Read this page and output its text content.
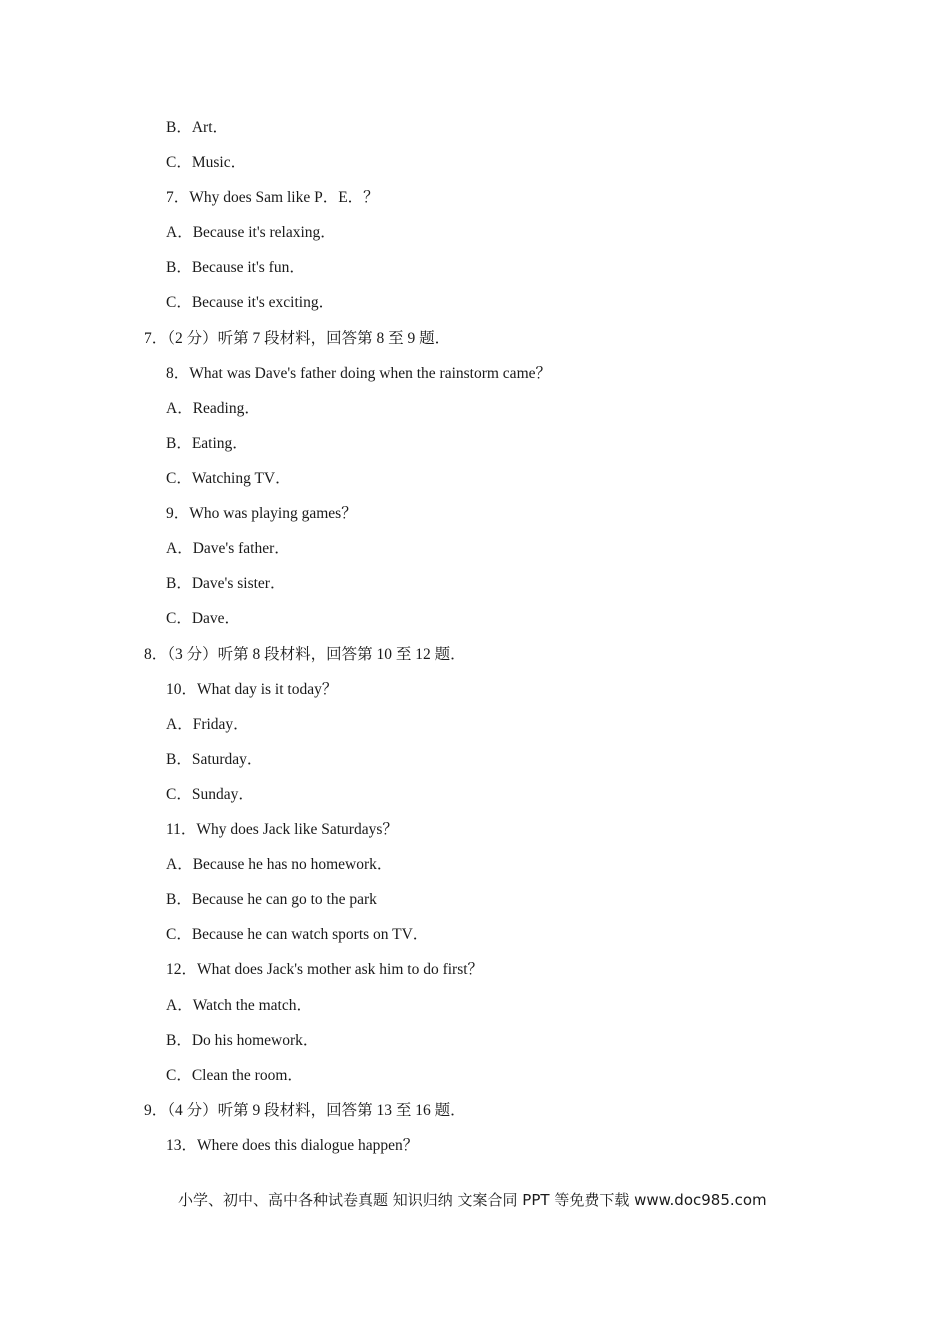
B．Art．
C．Music．
7．Why does Sam like P．E．？
A．Because it's relaxing．
B．Because it's fun．
C．Because it's exciting．
7．（2 分）听第 7 段材料，回答第 8 至 9 题．
8．What was Dave's father doing when the rainstorm came？
A．Reading．
B．Eating．
C．Watching TV．
9．Who was playing games？
A．Dave's father．
B．Dave's sister．
C．Dave．
8．（3 分）听第 8 段材料，回答第 10 至 12 题．
10．What day is it today？
A．Friday．
B．Saturday．
C．Sunday．
11．Why does Jack like Saturdays？
A．Because he has no homework．
B．Because he can go to the park
C．Because he can watch sports on TV．
12．What does Jack's mother ask him to do first？
A．Watch the match．
B．Do his homework．
C．Clean the room．
9．（4 分）听第 9 段材料，回答第 13 至 16 题．
13．Where does this dialogue happen？
小学、初中、高中各种试卷真题 知识归纳 文案合同 PPT 等免费下载 www.doc985.com
